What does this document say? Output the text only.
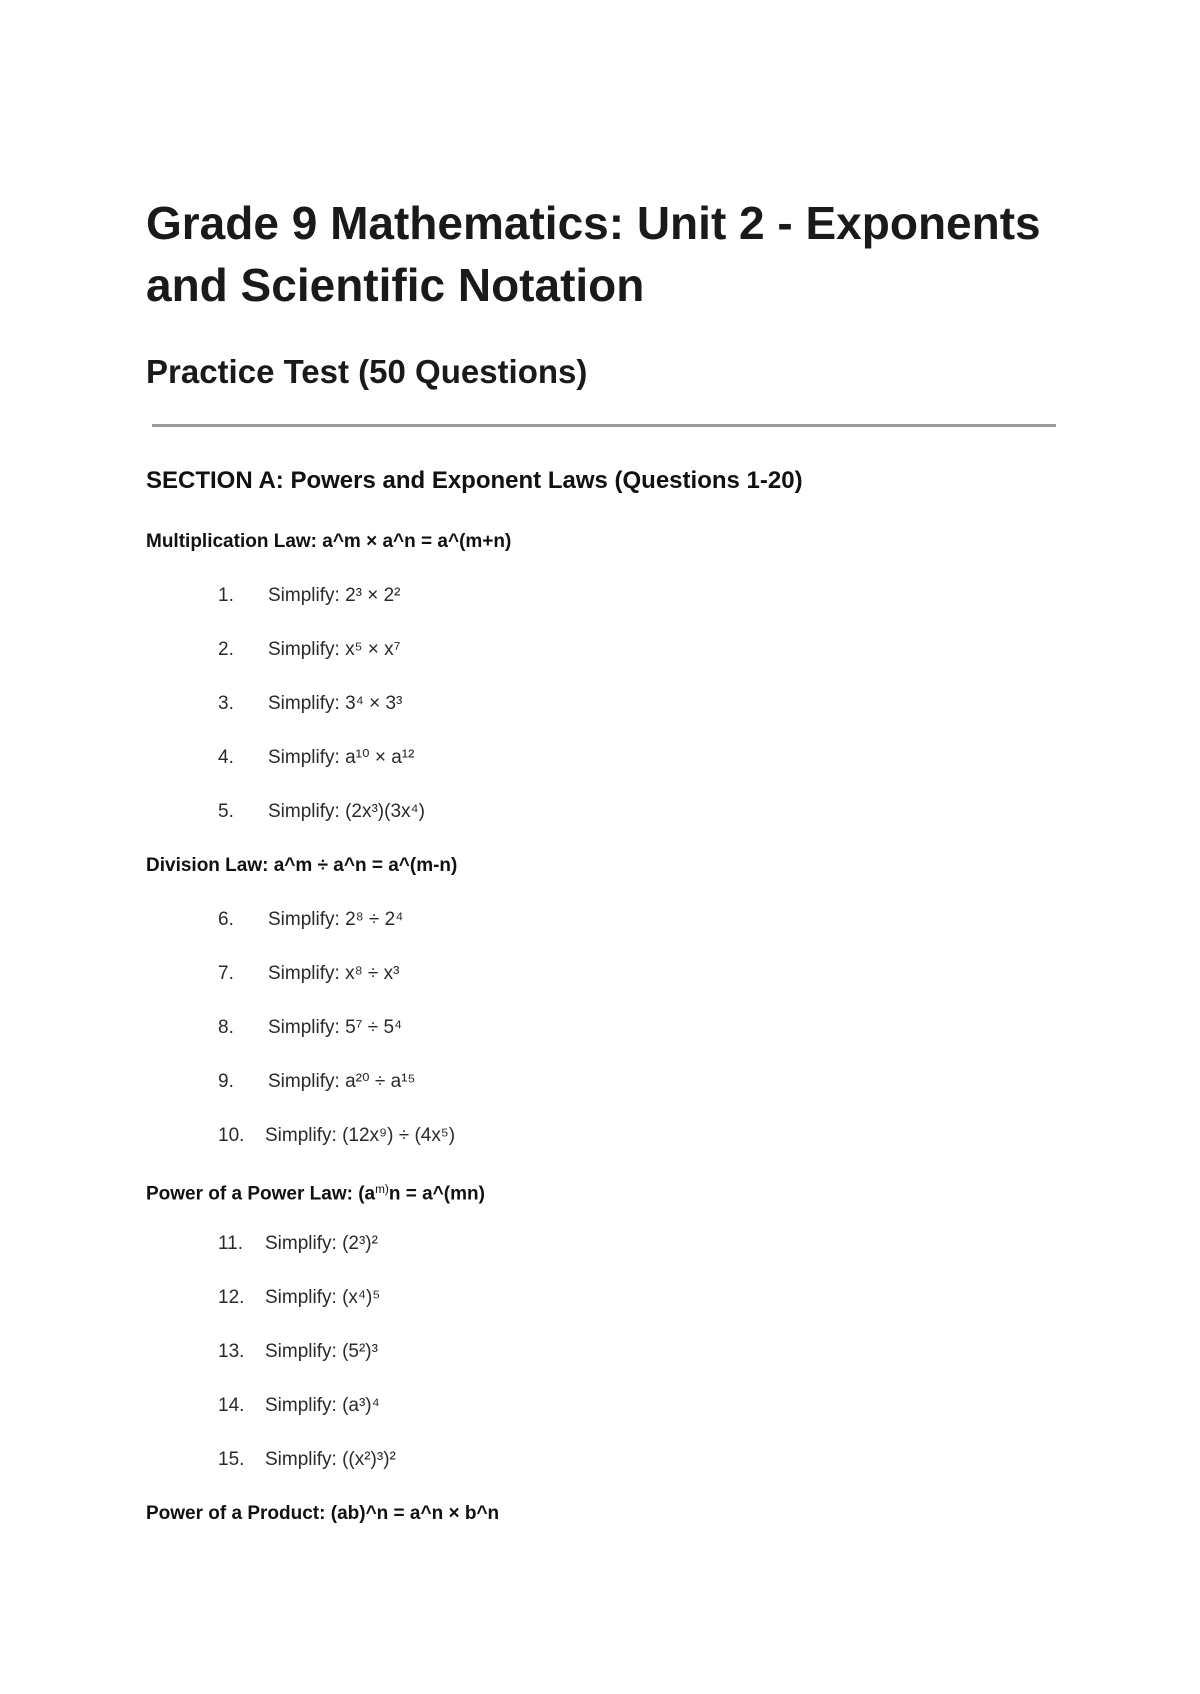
Grade 9 Mathematics: Unit 2 - Exponents and Scientific Notation
Practice Test (50 Questions)
SECTION A: Powers and Exponent Laws (Questions 1-20)

Multiplication Law: a^m × a^n = a^(m+n)

1. Simplify: 2³ × 2²
2. Simplify: x⁵ × x⁷
3. Simplify: 3⁴ × 3³
4. Simplify: a¹⁰ × a¹²
5. Simplify: (2x³)(3x⁴)

Division Law: a^m ÷ a^n = a^(m-n)

6. Simplify: 2⁸ ÷ 2⁴
7. Simplify: x⁸ ÷ x³
8. Simplify: 5⁷ ÷ 5⁴
9. Simplify: a²⁰ ÷ a¹⁵
10. Simplify: (12x⁹) ÷ (4x⁵)

Power of a Power Law: ($a^{m)}n$ = a^(mn)

11. Simplify: (2³)²
12. Simplify: (x⁴)⁵
13. Simplify: (5²)³
14. Simplify: (a³)⁴
15. Simplify: ((x²)³)²

Power of a Product: (ab)^n = a^n × b^n
